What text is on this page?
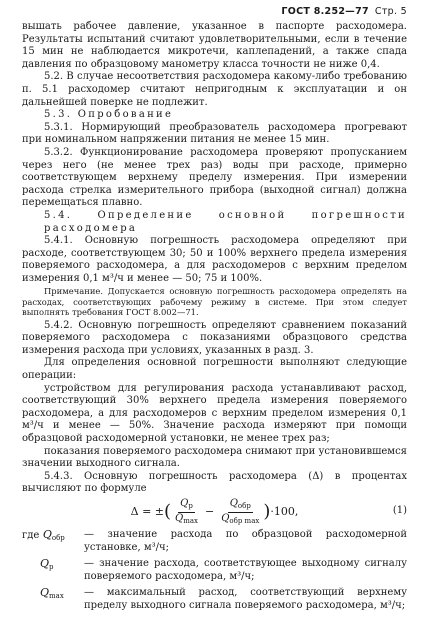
ГОСТ 8.252—77 Стр. 5

вышать рабочее давление, указанное в паспорте расходомера. Результаты испытаний считают удовлетворительными, если в течение 15 мин не наблюдается микротечи, каплепадений, а также спада давления по образцовому манометру класса точности не ниже 0,4.

5.2. В случае несоответствия расходомера какому-либо требованию п. 5.1 расходомер считают непригодным к эксплуатации и он дальнейшей поверке не подлежит.

5.3. Опробование

5.3.1. Нормирующий преобразователь расходомера прогревают при номинальном напряжении питания не менее 15 мин.

5.3.2. Функционирование расходомера проверяют пропусканием через него (не менее трех раз) воды при расходе, примерно соответствующем верхнему пределу измерения. При измерении расхода стрелка измерительного прибора (выходной сигнал) должна перемещаться плавно.

5.4. Определение основной погрешности расходомера

5.4.1. Основную погрешность расходомера определяют при расходе, соответствующем 30; 50 и 100% верхнего предела измерения поверяемого расходомера, а для расходомеров с верхним пределом измерения 0,1 м³/ч и менее — 50; 75 и 100%.

Примечание. Допускается основную погрешность расходомера определять на расходах, соответствующих рабочему режиму в системе. При этом следует выполнять требования ГОСТ 8.002—71.

5.4.2. Основную погрешность определяют сравнением показаний поверяемого расходомера с показаниями образцового средства измерения расхода при условиях, указанных в разд. 3.

Для определения основной погрешности выполняют следующие операции:

устройством для регулирования расхода устанавливают расход, соответствующий 30% верхнего предела измерения поверяемого расходомера, а для расходомеров с верхним пределом измерения 0,1 м³/ч и менее — 50%. Значение расхода измеряют при помощи образцовой расходомерной установки, не менее трех раз;

показания поверяемого расходомера снимают при установившемся значении выходного сигнала.

5.4.3. Основную погрешность расходомера (Δ) в процентах вычисляют по формуле

Δ = ± ( $\frac{Q_р}{Q_{max}} - \frac{Q_{обр}}{Q_{обр max}}$ ) ·100,	(1)
где $Q_{обр}$	— значение расхода по образцовой расходомерной установке, м³/ч;
$Q_р$	— значение расхода, соответствующее выходному сигналу поверяемого расходомера, м³/ч;
$Q_{max}$	— максимальный расход, соответствующий верхнему пределу выходного сигнала поверяемого расходомера, м³/ч;
